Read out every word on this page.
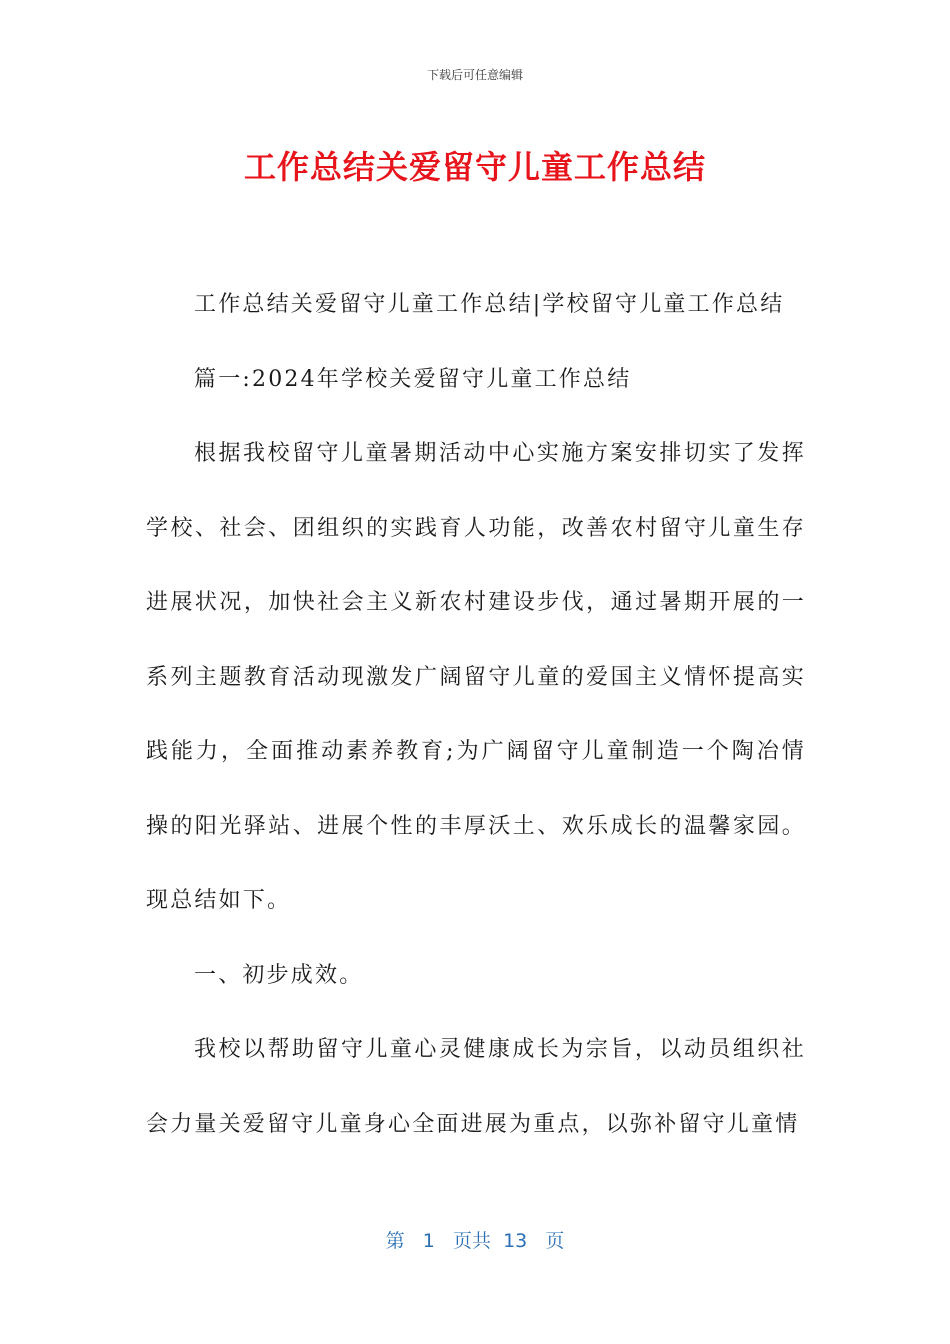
下载后可任意编辑
工作总结关爱留守儿童工作总结

工作总结关爱留守儿童工作总结|学校留守儿童工作总结

篇一:2024年学校关爱留守儿童工作总结

根据我校留守儿童暑期活动中心实施方案安排切实了发挥学校、社会、团组织的实践育人功能，改善农村留守儿童生存进展状况，加快社会主义新农村建设步伐，通过暑期开展的一系列主题教育活动现激发广阔留守儿童的爱国主义情怀提高实践能力，全面推动素养教育;为广阔留守儿童制造一个陶冶情操的阳光驿站、进展个性的丰厚沃土、欢乐成长的温馨家园。现总结如下。

一、初步成效。

我校以帮助留守儿童心灵健康成长为宗旨，以动员组织社会力量关爱留守儿童身心全面进展为重点，以弥补留守儿童情

第 1 页共 13 页
